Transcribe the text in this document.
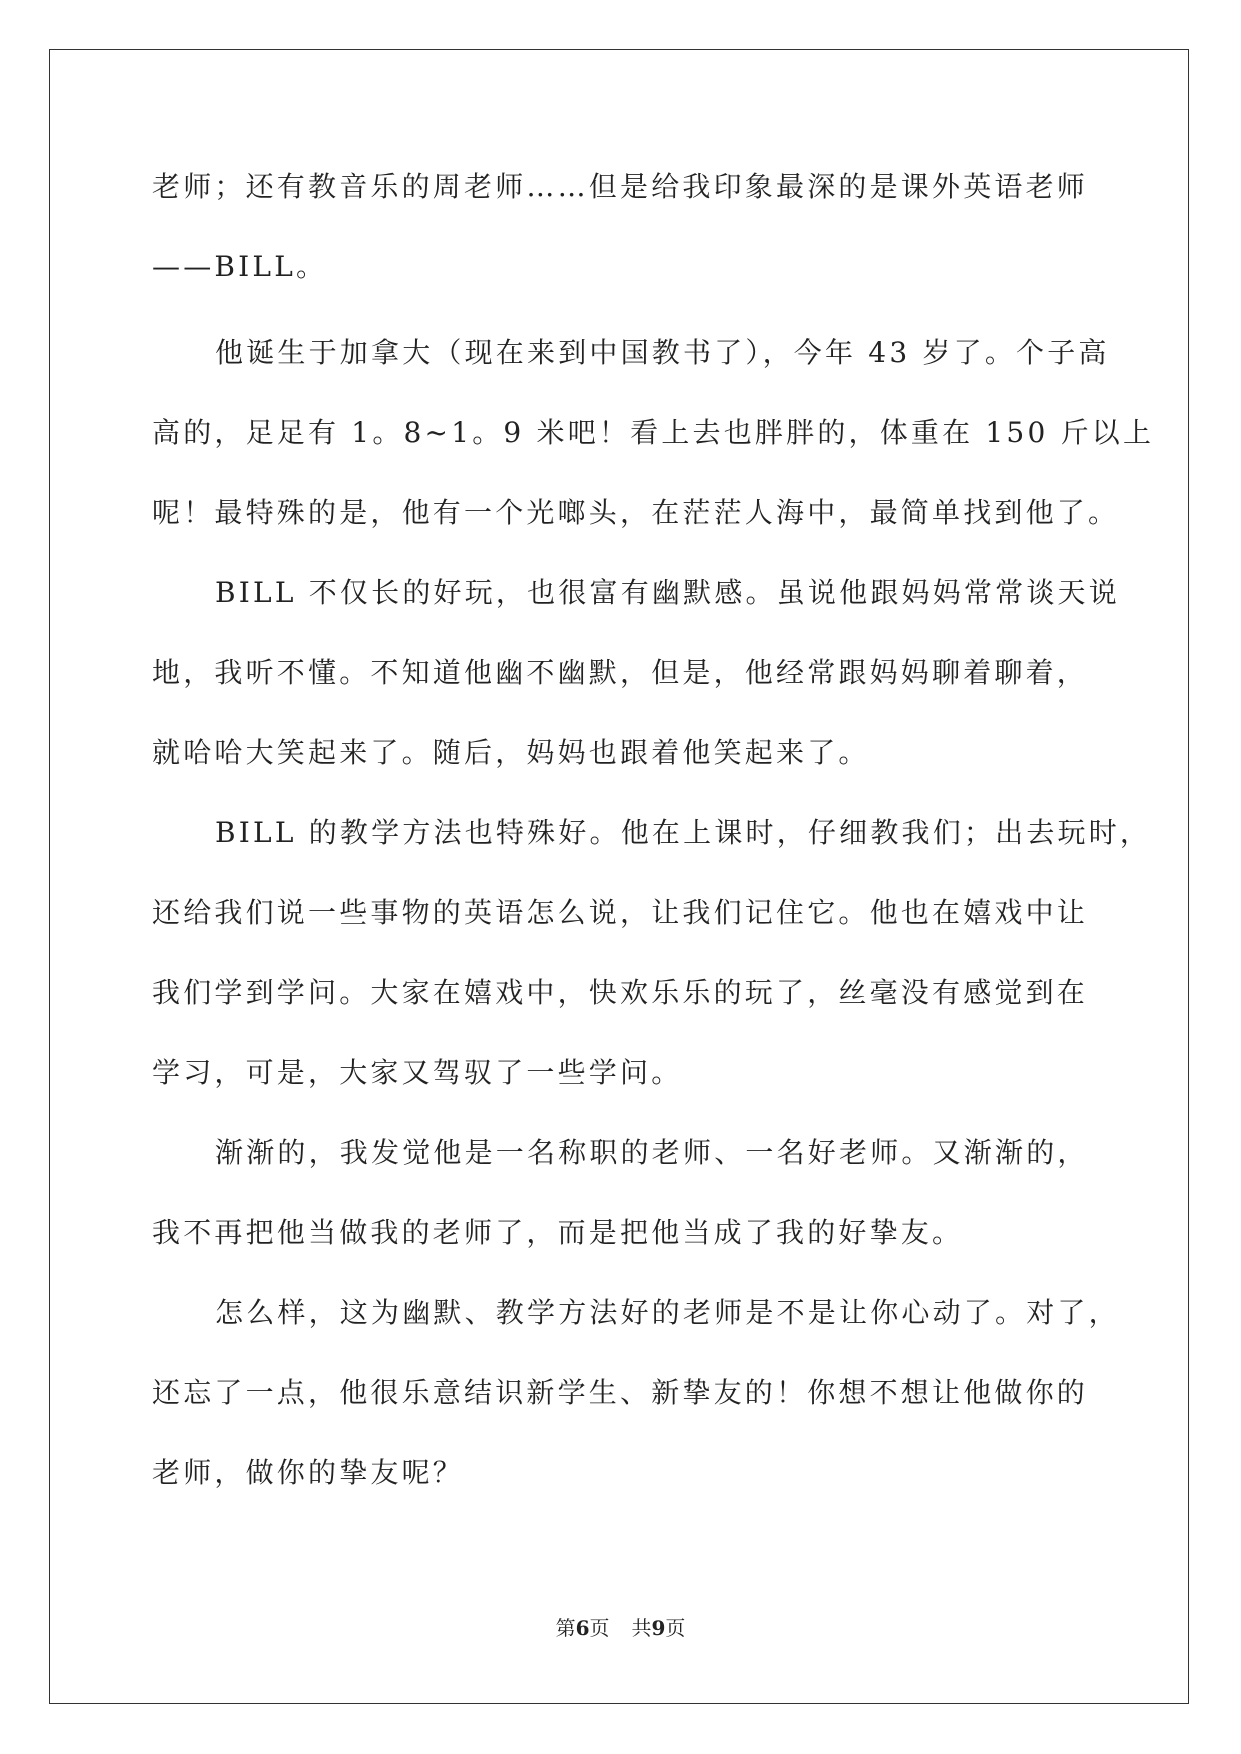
老师；还有教音乐的周老师……但是给我印象最深的是课外英语老师
——BILL。
他诞生于加拿大（现在来到中国教书了），今年 43 岁了。个子高
高的，足足有 1。8~1。9 米吧！看上去也胖胖的，体重在 150 斤以上
呢！最特殊的是，他有一个光啷头，在茫茫人海中，最简单找到他了。
BILL 不仅长的好玩，也很富有幽默感。虽说他跟妈妈常常谈天说
地，我听不懂。不知道他幽不幽默，但是，他经常跟妈妈聊着聊着，
就哈哈大笑起来了。随后，妈妈也跟着他笑起来了。
BILL 的教学方法也特殊好。他在上课时，仔细教我们；出去玩时，
还给我们说一些事物的英语怎么说，让我们记住它。他也在嬉戏中让
我们学到学问。大家在嬉戏中，快欢乐乐的玩了，丝毫没有感觉到在
学习，可是，大家又驾驭了一些学问。
渐渐的，我发觉他是一名称职的老师、一名好老师。又渐渐的，
我不再把他当做我的老师了，而是把他当成了我的好挚友。
怎么样，这为幽默、教学方法好的老师是不是让你心动了。对了，
还忘了一点，他很乐意结识新学生、新挚友的！你想不想让他做你的
老师，做你的挚友呢？
第6页 共9页
